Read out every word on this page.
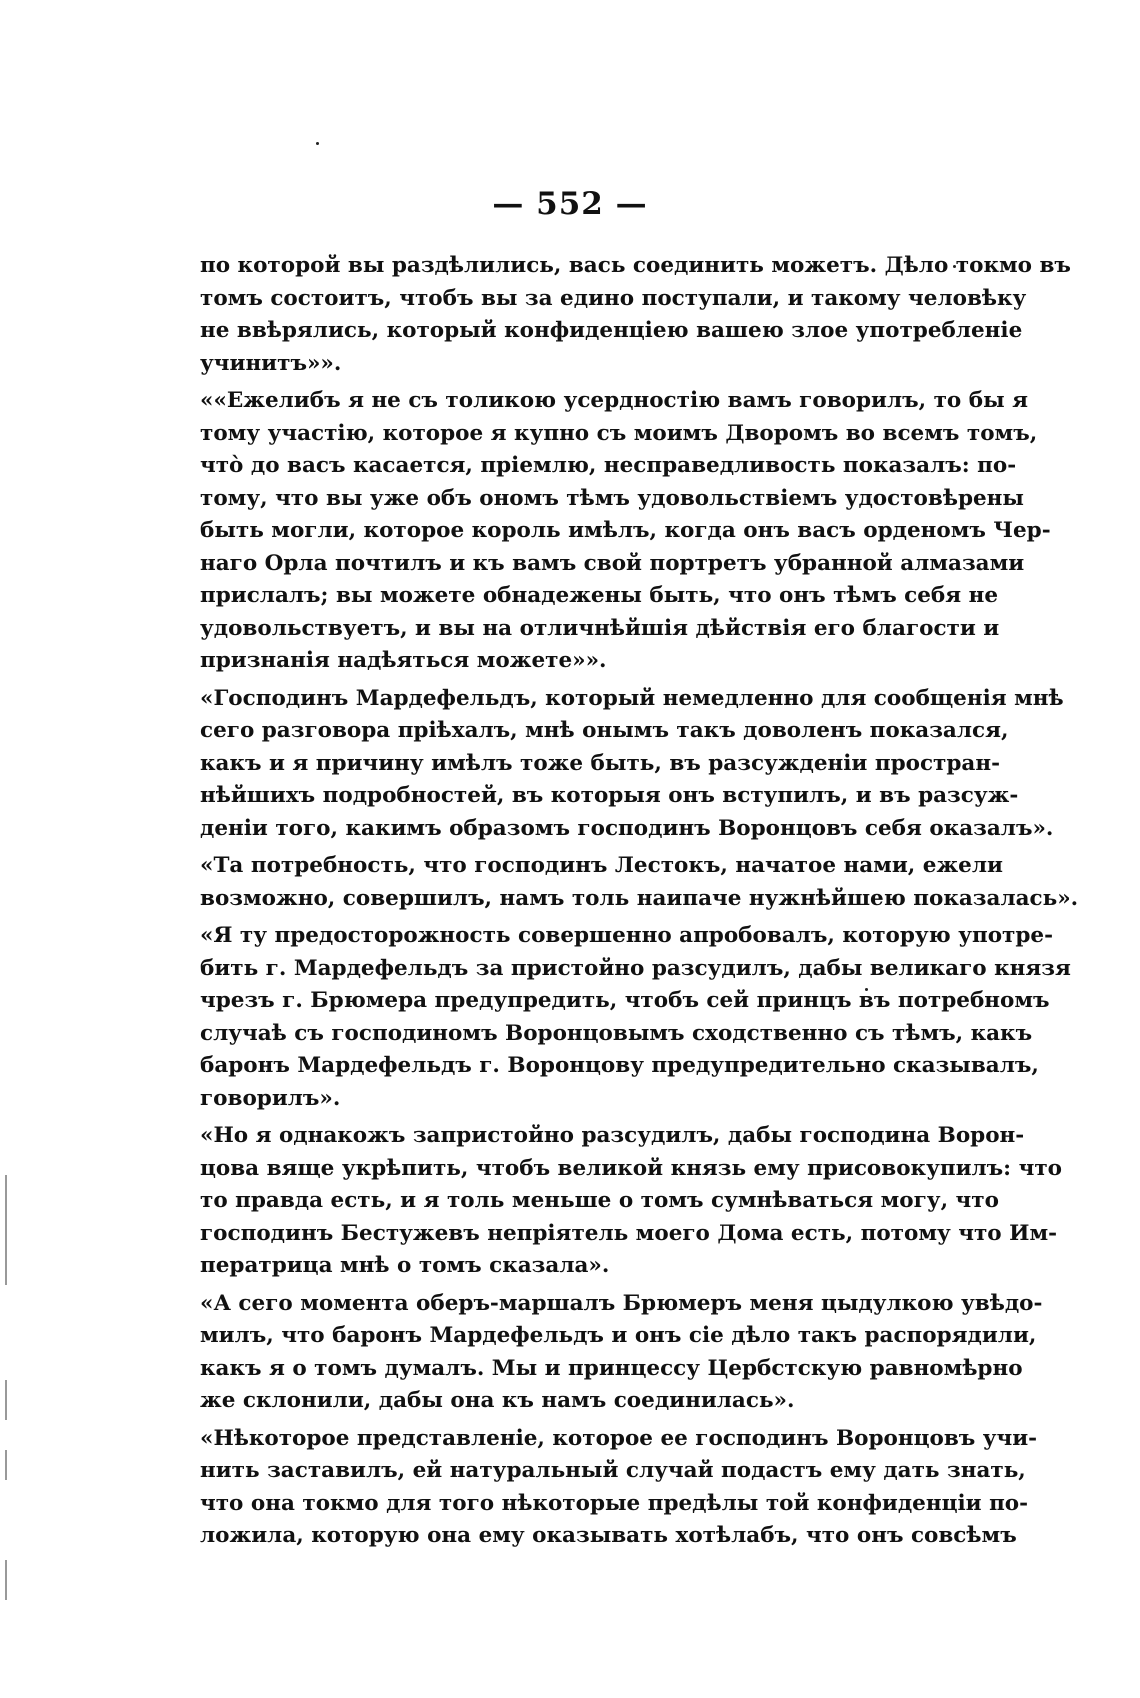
— 552 —
по которой вы раздѣлились, вась соединить можетъ. Дѣло токмо въ
томъ состоитъ, чтобъ вы за едино поступали, и такому человѣку
не ввѣрялись, который конфиденціею вашею злое употребленіе
учинитъ»».
««Ежелибъ я не съ толикою усердностію вамъ говорилъ, то бы я
тому участію, которое я купно съ моимъ Дворомъ во всемъ томъ,
чтò до васъ касается, пріемлю, несправедливость показалъ: по-
тому, что вы уже объ ономъ тѣмъ удовольствіемъ удостовѣрены
быть могли, которое король имѣлъ, когда онъ васъ орденомъ Чер-
наго Орла почтилъ и къ вамъ свой портретъ убранной алмазами
прислалъ; вы можете обнадежены быть, что онъ тѣмъ себя не
удовольствуетъ, и вы на отличнѣйшія дѣйствія его благости и
признанія надѣяться можете»».
«Господинъ Мардефельдъ, который немедленно для сообщенія мнѣ
сего разговора пріѣхалъ, мнѣ онымъ такъ доволенъ показался,
какъ и я причину имѣлъ тоже быть, въ разсужденіи простран-
нѣйшихъ подробностей, въ которыя онъ вступилъ, и въ разсуж-
деніи того, какимъ образомъ господинъ Воронцовъ себя оказалъ».
«Та потребность, что господинъ Лестокъ, начатое нами, ежели
возможно, совершилъ, намъ толь наипаче нужнѣйшею показалась».
«Я ту предосторожность совершенно апробовалъ, которую употре-
бить г. Мардефельдъ за пристойно разсудилъ, дабы великаго князя
чрезъ г. Брюмера предупредить, чтобъ сей принцъ въ потребномъ
случаѣ съ господиномъ Воронцовымъ сходственно съ тѣмъ, какъ
баронъ Мардефельдъ г. Воронцову предупредительно сказывалъ,
говорилъ».
«Но я однакожъ запристойно разсудилъ, дабы господина Ворон-
цова вяще укрѣпить, чтобъ великой князь ему присовокупилъ: что
то правда есть, и я толь меньше о томъ сумнѣваться могу, что
господинъ Бестужевъ непріятель моего Дома есть, потому что Им-
ператрица мнѣ о томъ сказала».
«А сего момента оберъ-маршалъ Брюмеръ меня цыдулкою увѣдо-
милъ, что баронъ Мардефельдъ и онъ сіе дѣло такъ распорядили,
какъ я о томъ думалъ. Мы и принцессу Цербстскую равномѣрно
же склонили, дабы она къ намъ соединилась».
«Нѣкоторое представленіе, которое ее господинъ Воронцовъ учи-
нить заставилъ, ей натуральный случай подастъ ему дать знать,
что она токмо для того нѣкоторые предѣлы той конфиденціи по-
ложила, которую она ему оказывать хотѣлабъ, что онъ совсѣмъ
